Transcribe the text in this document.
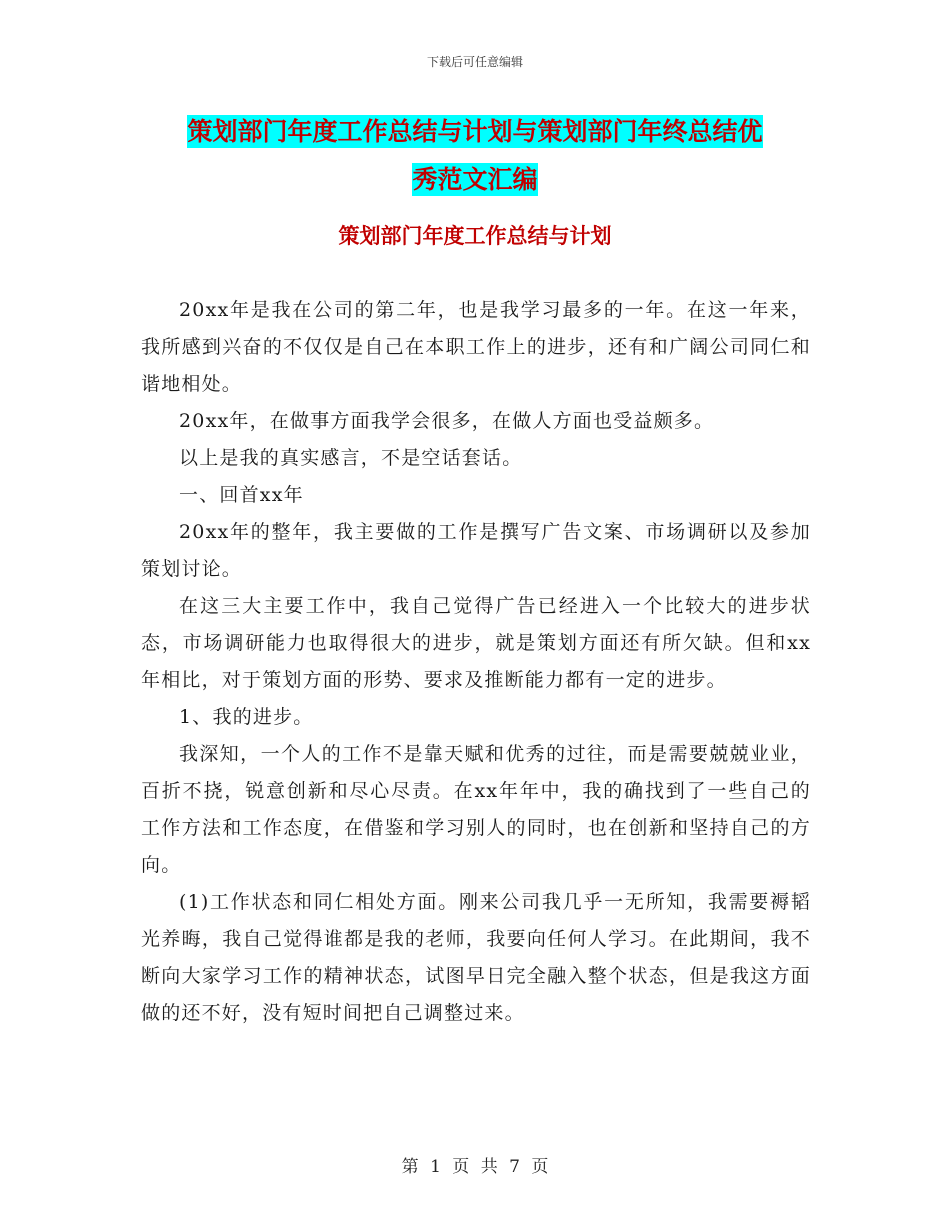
下载后可任意编辑
策划部门年度工作总结与计划与策划部门年终总结优
秀范文汇编
策划部门年度工作总结与计划

20xx年是我在公司的第二年，也是我学习最多的一年。在这一年来，我所感到兴奋的不仅仅是自己在本职工作上的进步，还有和广阔公司同仁和谐地相处。

20xx年，在做事方面我学会很多，在做人方面也受益颇多。

以上是我的真实感言，不是空话套话。

一、回首xx年

20xx年的整年，我主要做的工作是撰写广告文案、市场调研以及参加策划讨论。

在这三大主要工作中，我自己觉得广告已经进入一个比较大的进步状态，市场调研能力也取得很大的进步，就是策划方面还有所欠缺。但和xx年相比，对于策划方面的形势、要求及推断能力都有一定的进步。

1、我的进步。

我深知，一个人的工作不是靠天赋和优秀的过往，而是需要兢兢业业，百折不挠，锐意创新和尽心尽责。在xx年年中，我的确找到了一些自己的工作方法和工作态度，在借鉴和学习别人的同时，也在创新和坚持自己的方向。

(1)工作状态和同仁相处方面。刚来公司我几乎一无所知，我需要褥韬光养晦，我自己觉得谁都是我的老师，我要向任何人学习。在此期间，我不断向大家学习工作的精神状态，试图早日完全融入整个状态，但是我这方面做的还不好，没有短时间把自己调整过来。

第 1 页 共 7 页
